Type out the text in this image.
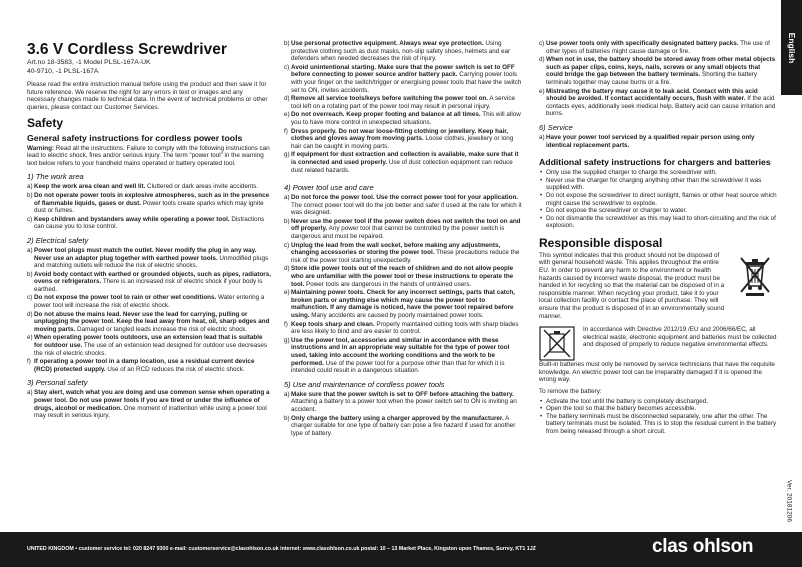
English
3.6 V Cordless Screwdriver
Art.no 18-3583, -1 Model PLSL-167A-UK
40-9710, -1 PLSL-167A

Please read the entire instruction manual before using the product and then save it for future reference. We reserve the right for any errors in text or images and any necessary changes made to technical data. In the event of technical problems or other queries, please contact our Customer Services.

Safety
General safety instructions for cordless power tools

Warning: Read all the instructions. Failure to comply with the following instructions can lead to electric shock, fires and/or serious injury. The term “power tool” in the warning text below refers to your handheld mains operated or battery operated tool.

1) The work area
a) Keep the work area clean and well lit. Cluttered or dark areas invite accidents.
b) Do not operate power tools in explosive atmospheres, such as in the presence of flammable liquids, gases or dust. Power tools create sparks which may ignite dust or fumes.
c) Keep children and bystanders away while operating a power tool. Distractions can cause you to lose control.
2) Electrical safety
a) Power tool plugs must match the outlet. Never modify the plug in any way. Never use an adaptor plug together with earthed power tools. Unmodified plugs and matching outlets will reduce the risk of electric shocks.
b) Avoid body contact with earthed or grounded objects, such as pipes, radiators, ovens or refrigerators. There is an increased risk of electric shock if your body is earthed.
c) Do not expose the power tool to rain or other wet conditions. Water entering a power tool will increase the risk of electric shock.
d) Do not abuse the mains lead. Never use the lead for carrying, pulling or unplugging the power tool. Keep the lead away from heat, oil, sharp edges and moving parts. Damaged or tangled leads increase the risk of electric shock.
e) When operating power tools outdoors, use an extension lead that is suitable for outdoor use. The use of an extension lead designed for outdoor use decreases the risk of electric shocks.
f) If operating a power tool in a damp location, use a residual current device (RCD) protected supply. Use of an RCD reduces the risk of electric shock.
3) Personal safety
a) Stay alert, watch what you are doing and use common sense when operating a power tool. Do not use power tools if you are tired or under the influence of drugs, alcohol or medication. One moment of inattention while using a power tool may result in serious injury.
b) Use personal protective equipment. Always wear eye protection. Using protective clothing such as dust masks, non-slip safety shoes, helmets and ear defenders when needed decreases the risk of injury.
c) Avoid unintentional starting. Make sure that the power switch is set to OFF before connecting to power source and/or battery pack. Carrying power tools with your finger on the switch/trigger or energising power tools that have the switch set to ON, invites accidents.
d) Remove all service tools/keys before switching the power tool on. A service tool left on a rotating part of the power tool may result in personal injury.
e) Do not overreach. Keep proper footing and balance at all times. This will allow you to have more control in unexpected situations.
f) Dress properly. Do not wear loose-fitting clothing or jewellery. Keep hair, clothes and gloves away from moving parts. Loose clothes, jewellery or long hair can be caught in moving parts.
g) If equipment for dust extraction and collection is available, make sure that it is connected and used properly. Use of dust collection equipment can reduce dust related hazards.
4) Power tool use and care
a) Do not force the power tool. Use the correct power tool for your application. The correct power tool will do the job better and safer if used at the rate for which it was designed.
b) Never use the power tool if the power switch does not switch the tool on and off properly. Any power tool that cannot be controlled by the power switch is dangerous and must be repaired.
c) Unplug the lead from the wall socket, before making any adjustments, changing accessories or storing the power tool. These precautions reduce the risk of the power tool starting unexpectedly.
d) Store idle power tools out of the reach of children and do not allow people who are unfamiliar with the power tool or these instructions to operate the tool. Power tools are dangerous in the hands of untrained users.
e) Maintaining power tools. Check for any incorrect settings, parts that catch, broken parts or anything else which may cause the power tool to malfunction. If any damage is noticed, have the power tool repaired before using. Many accidents are caused by poorly maintained power tools.
f) Keep tools sharp and clean. Properly maintained cutting tools with sharp blades are less likely to bind and are easier to control.
g) Use the power tool, accessories and similar in accordance with these instructions and in an appropriate way suitable for the type of power tool used, taking into account the working conditions and the work to be performed. Use of the power tool for a purpose other than that for which it is intended could result in a dangerous situation.
5) Use and maintenance of cordless power tools
a) Make sure that the power switch is set to OFF before attaching the battery. Attaching a battery to a power tool when the power switch set to ON is inviting an accident.
b) Only charge the battery using a charger approved by the manufacturer. A charger suitable for one type of battery can pose a fire hazard if used for another type of battery.
c) Use power tools only with specifically designated battery packs. The use of other types of batteries might cause damage or fire.
d) When not in use, the battery should be stored away from other metal objects such as paper clips, coins, keys, nails, screws or any small objects that could bridge the gap between the battery terminals. Shorting the battery terminals together may cause burns or a fire.
e) Mistreating the battery may cause it to leak acid. Contact with this acid should be avoided. If contact accidentally occurs, flush with water. If the acid contacts eyes, additionally seek medical help. Battery acid can cause irritation and burns.
6) Service
a) Have your power tool serviced by a qualified repair person using only identical replacement parts.
Additional safety instructions for chargers and batteries
• Only use the supplied charger to charge the screwdriver with.
• Never use the charger for charging anything other than the screwdriver it was supplied with.
• Do not expose the screwdriver to direct sunlight, flames or other heat source which might cause the screwdriver to explode.
• Do not expose the screwdriver or charger to water.
• Do not dismantle the screwdriver as this may lead to short-circuiting and the risk of explosion.
Responsible disposal

This symbol indicates that this product should not be disposed of with general household waste. This applies throughout the entire EU. In order to prevent any harm to the environment or health hazards caused by incorrect waste disposal, the product must be handed in for recycling so that the material can be disposed of in a responsible manner. When recycling your product, take it to your local collection facility or contact the place of purchase. They will ensure that the product is disposed of in an environmentally sound manner.

In accordance with Directive 2012/19 /EU and 2006/66/EC, all electrical waste, electronic equipment and batteries must be collected and disposed of properly to reduce negative environmental effects.

Built-in batteries must only be removed by service technicians that have the requisite knowledge. An electric power tool can be irreparably damaged if it is opened the wrong way.

To remove the battery:

• Activate the tool until the battery is completely discharged.
• Open the tool so that the battery becomes accessible.
• The battery terminals must be disconnected separately, one after the other. The battery terminals must be isolated. This is to stop the residual current in the battery from being released through a short circuit.
Ver. 20181206
UNITED KINGDOM • customer service tel: 020 8247 9300 e-mail: customerservice@clasohlson.co.uk internet: www.clasohlson.co.uk postal: 10 – 13 Market Place, Kingston upon Thames, Surrey, KT1 1JZ	clas ohlson
